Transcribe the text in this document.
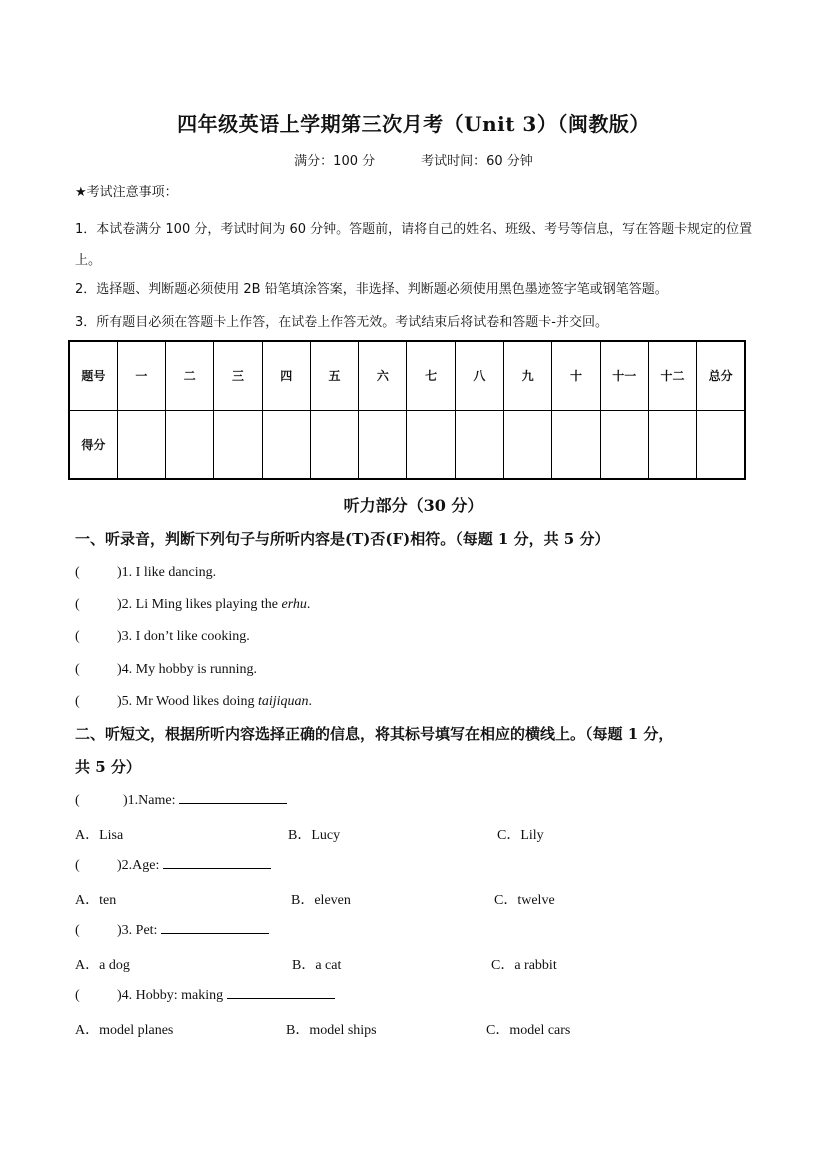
四年级英语上学期第三次月考（Unit 3）（闽教版）
满分：100 分	考试时间：60 分钟
★考试注意事项：
1．本试卷满分 100 分，考试时间为 60 分钟。答题前，请将自己的姓名、班级、考号等信息，写在答题卡规定的位置上。
2．选择题、判断题必须使用 2B 铅笔填涂答案，非选择、判断题必须使用黑色墨迹签字笔或钢笔答题。
3．所有题目必须在答题卡上作答，在试卷上作答无效。考试结束后将试卷和答题卡-并交回。
题号	一	二	三	四	五	六	七	八	九	十	十一	十二	总分
得分													
听力部分（30 分）
一、听录音，判断下列句子与所听内容是(T)否(F)相符。（每题 1 分，共 5 分）
(	)1. I like dancing.
(	)2. Li Ming likes playing the erhu.
(	)3. I don’t like cooking.
(	)4. My hobby is running.
(	)5. Mr Wood likes doing taijiquan.
二、听短文，根据所听内容选择正确的信息，将其标号填写在相应的横线上。（每题 1 分，
共 5 分）
(	)1.Name:
A．Lisa	B．Lucy	C．Lily
(	)2.Age:
A．ten	B．eleven	C．twelve
(	)3. Pet:
A．a dog	B．a cat	C．a rabbit
(	)4. Hobby: making
A．model planes	B．model ships	C．model cars
